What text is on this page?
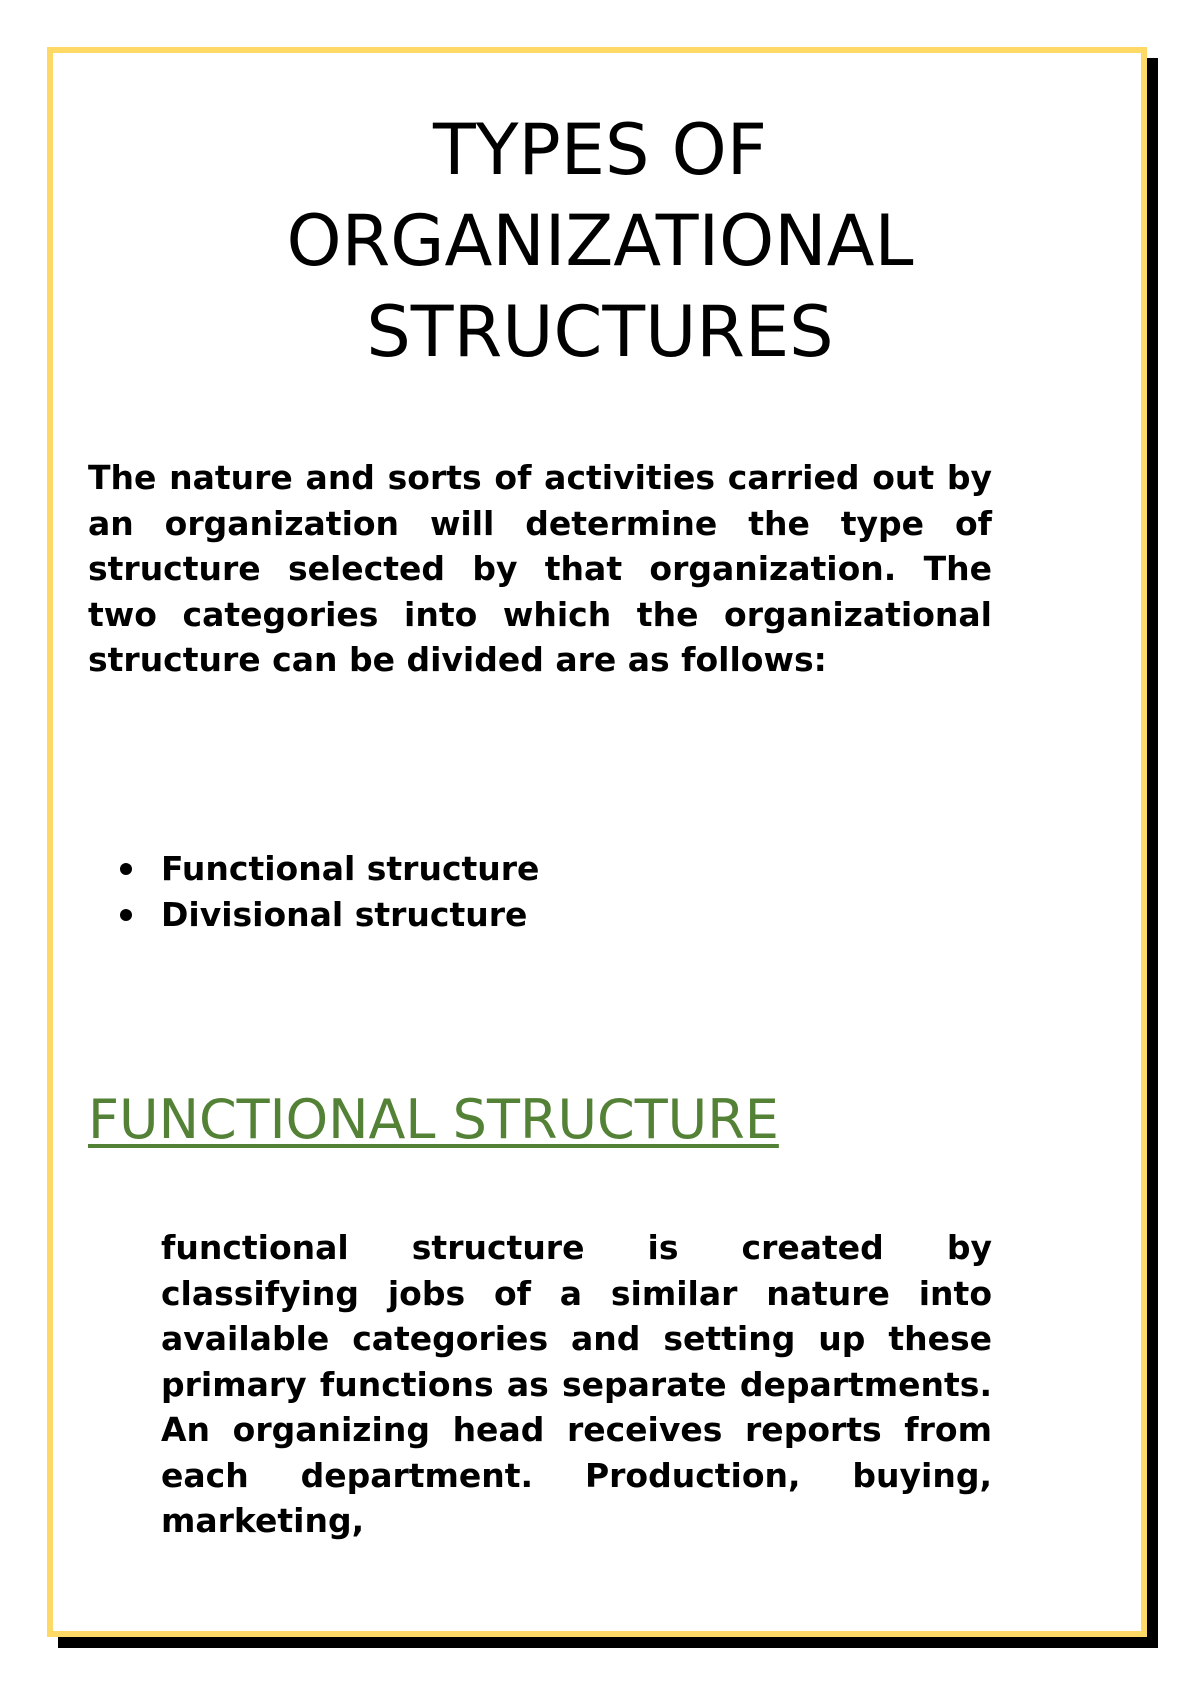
TYPES OF
ORGANIZATIONAL
STRUCTURES

The nature and sorts of activities carried out by an organization will determine the type of structure selected by that organization. The two categories into which the organizational structure can be divided are as follows:

Functional structure
Divisional structure
FUNCTIONAL STRUCTURE

functional structure is created by classifying jobs of a similar nature into available categories and setting up these primary functions as separate departments. An organizing head receives reports from each department. Production, buying, marketing,
